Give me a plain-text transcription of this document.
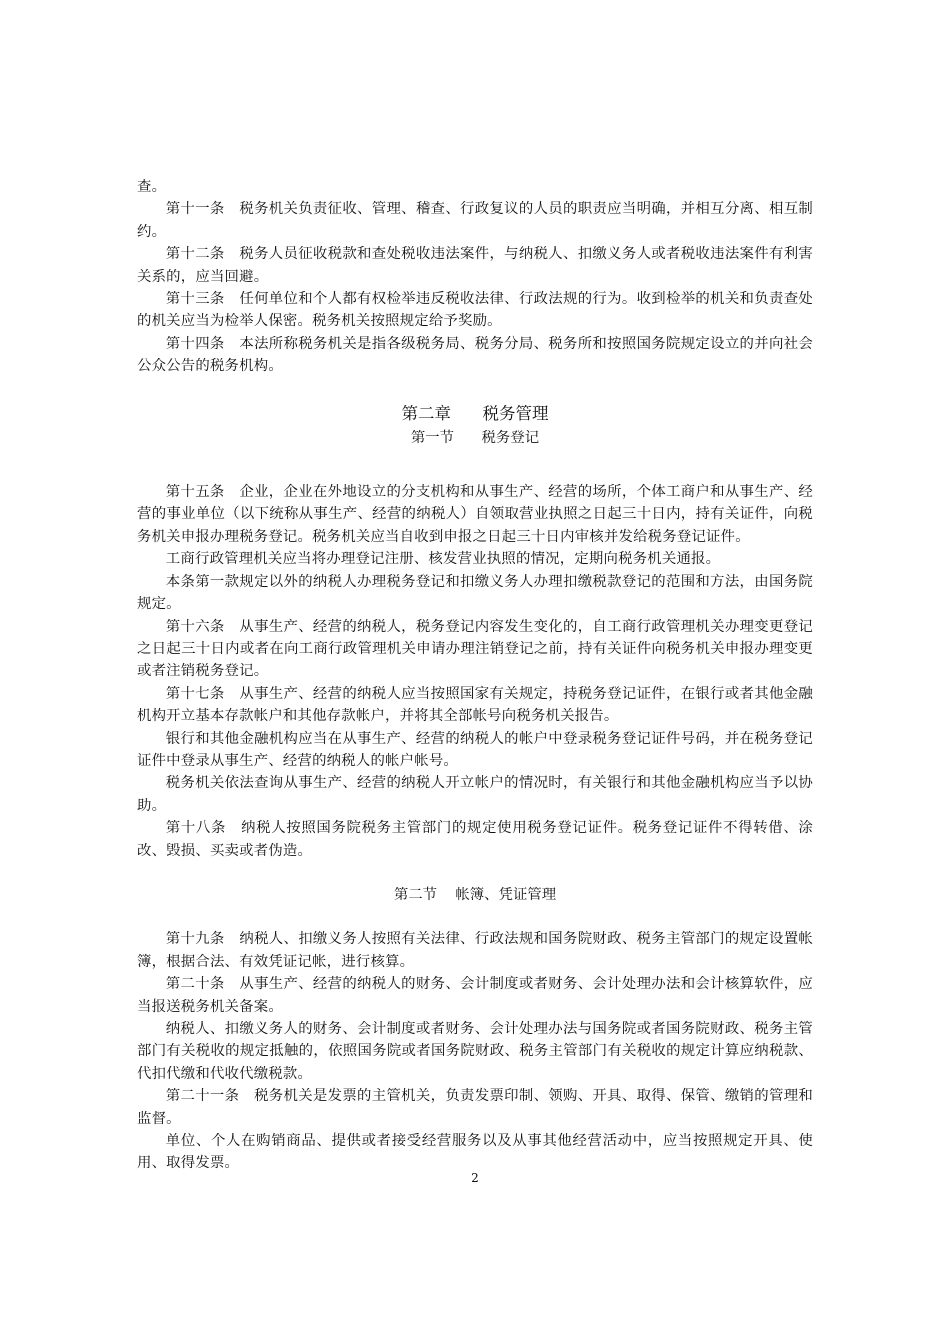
查。

第十一条　税务机关负责征收、管理、稽查、行政复议的人员的职责应当明确，并相互分离、相互制约。

第十二条　税务人员征收税款和查处税收违法案件，与纳税人、扣缴义务人或者税收违法案件有利害关系的，应当回避。

第十三条　任何单位和个人都有权检举违反税收法律、行政法规的行为。收到检举的机关和负责查处的机关应当为检举人保密。税务机关按照规定给予奖励。

第十四条　本法所称税务机关是指各级税务局、税务分局、税务所和按照国务院规定设立的并向社会公众公告的税务机构。

第二章 税务管理
第一节 税务登记

第十五条　企业，企业在外地设立的分支机构和从事生产、经营的场所，个体工商户和从事生产、经营的事业单位（以下统称从事生产、经营的纳税人）自领取营业执照之日起三十日内，持有关证件，向税务机关申报办理税务登记。税务机关应当自收到申报之日起三十日内审核并发给税务登记证件。

工商行政管理机关应当将办理登记注册、核发营业执照的情况，定期向税务机关通报。

本条第一款规定以外的纳税人办理税务登记和扣缴义务人办理扣缴税款登记的范围和方法，由国务院规定。

第十六条　从事生产、经营的纳税人，税务登记内容发生变化的，自工商行政管理机关办理变更登记之日起三十日内或者在向工商行政管理机关申请办理注销登记之前，持有关证件向税务机关申报办理变更或者注销税务登记。

第十七条　从事生产、经营的纳税人应当按照国家有关规定，持税务登记证件，在银行或者其他金融机构开立基本存款帐户和其他存款帐户，并将其全部帐号向税务机关报告。

银行和其他金融机构应当在从事生产、经营的纳税人的帐户中登录税务登记证件号码，并在税务登记证件中登录从事生产、经营的纳税人的帐户帐号。

税务机关依法查询从事生产、经营的纳税人开立帐户的情况时，有关银行和其他金融机构应当予以协助。

第十八条　纳税人按照国务院税务主管部门的规定使用税务登记证件。税务登记证件不得转借、涂改、毁损、买卖或者伪造。

第二节 帐簿、凭证管理

第十九条　纳税人、扣缴义务人按照有关法律、行政法规和国务院财政、税务主管部门的规定设置帐簿，根据合法、有效凭证记帐，进行核算。

第二十条　从事生产、经营的纳税人的财务、会计制度或者财务、会计处理办法和会计核算软件，应当报送税务机关备案。

纳税人、扣缴义务人的财务、会计制度或者财务、会计处理办法与国务院或者国务院财政、税务主管部门有关税收的规定抵触的，依照国务院或者国务院财政、税务主管部门有关税收的规定计算应纳税款、代扣代缴和代收代缴税款。

第二十一条　税务机关是发票的主管机关，负责发票印制、领购、开具、取得、保管、缴销的管理和监督。

单位、个人在购销商品、提供或者接受经营服务以及从事其他经营活动中，应当按照规定开具、使用、取得发票。

2
